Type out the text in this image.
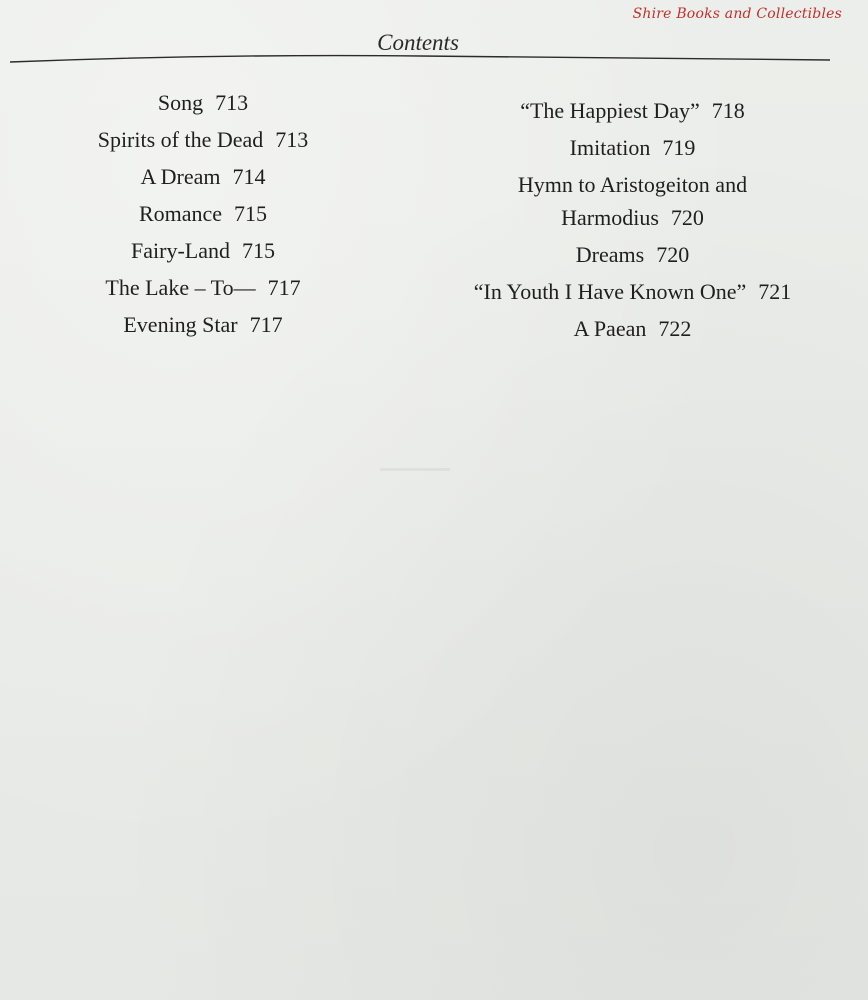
Shire Books and Collectibles
Contents
Song 713
Spirits of the Dead 713
A Dream 714
Romance 715
Fairy-Land 715
The Lake – To— 717
Evening Star 717
“The Happiest Day” 718
Imitation 719
Hymn to Aristogeiton and
Harmodius 720
Dreams 720
“In Youth I Have Known One” 721
A Paean 722
